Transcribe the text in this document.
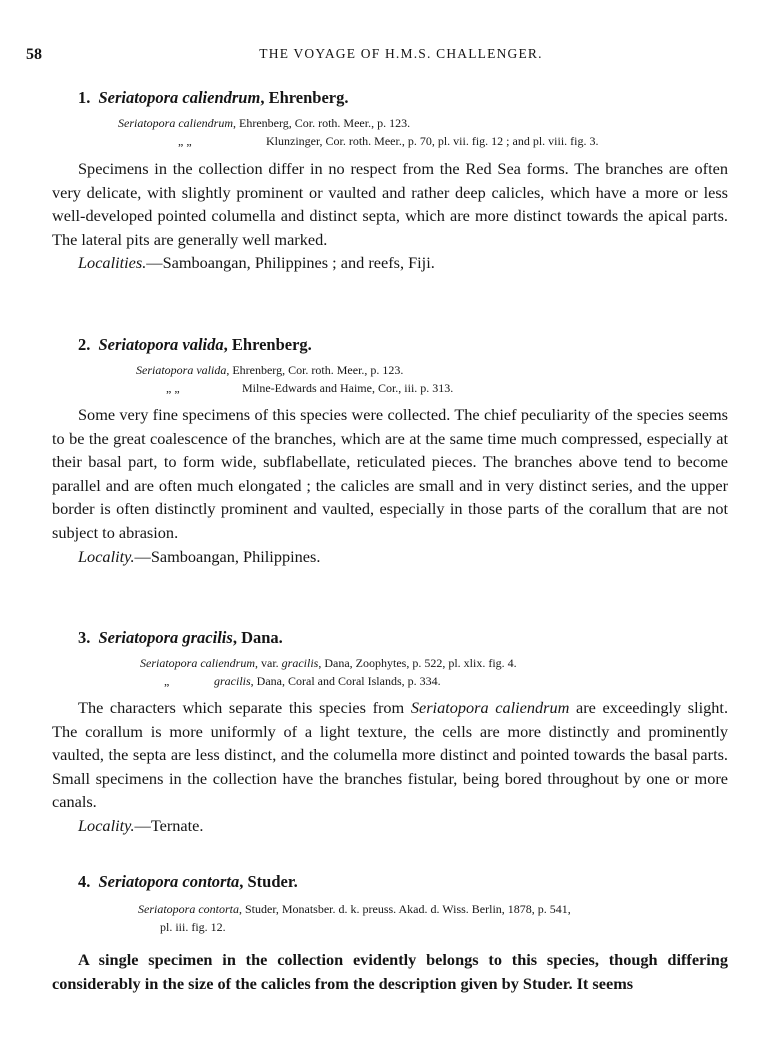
58	THE VOYAGE OF H.M.S. CHALLENGER.
1. Seriatopora caliendrum, Ehrenberg.
Seriatopora caliendrum, Ehrenberg, Cor. roth. Meer., p. 123.
„ „	Klunzinger, Cor. roth. Meer., p. 70, pl. vii. fig. 12 ; and pl. viii. fig. 3.

Specimens in the collection differ in no respect from the Red Sea forms. The branches are often very delicate, with slightly prominent or vaulted and rather deep calicles, which have a more or less well-developed pointed columella and distinct septa, which are more distinct towards the apical parts. The lateral pits are generally well marked.

Localities.—Samboangan, Philippines ; and reefs, Fiji.

2. Seriatopora valida, Ehrenberg.
Seriatopora valida, Ehrenberg, Cor. roth. Meer., p. 123.
„ „	Milne-Edwards and Haime, Cor., iii. p. 313.

Some very fine specimens of this species were collected. The chief peculiarity of the species seems to be the great coalescence of the branches, which are at the same time much compressed, especially at their basal part, to form wide, subflabellate, reticulated pieces. The branches above tend to become parallel and are often much elongated ; the calicles are small and in very distinct series, and the upper border is often distinctly prominent and vaulted, especially in those parts of the corallum that are not subject to abrasion.

Locality.—Samboangan, Philippines.

3. Seriatopora gracilis, Dana.
Seriatopora caliendrum, var. gracilis, Dana, Zoophytes, p. 522, pl. xlix. fig. 4.
„	gracilis, Dana, Coral and Coral Islands, p. 334.

The characters which separate this species from Seriatopora caliendrum are exceedingly slight. The corallum is more uniformly of a light texture, the cells are more distinctly and prominently vaulted, the septa are less distinct, and the columella more distinct and pointed towards the basal parts. Small specimens in the collection have the branches fistular, being bored throughout by one or more canals.

Locality.—Ternate.

4. Seriatopora contorta, Studer.
Seriatopora contorta, Studer, Monatsber. d. k. preuss. Akad. d. Wiss. Berlin, 1878, p. 541,
pl. iii. fig. 12.

A single specimen in the collection evidently belongs to this species, though differing considerably in the size of the calicles from the description given by Studer. It seems
